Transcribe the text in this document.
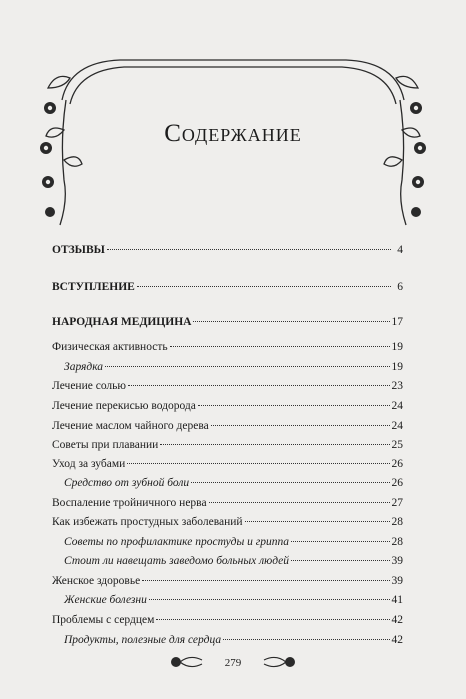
Содержание
ОТЗЫВЫ	4
ВСТУПЛЕНИЕ	6
НАРОДНАЯ МЕДИЦИНА	17
Физическая активность	19
Зарядка	19
Лечение солью	23
Лечение перекисью водорода	24
Лечение маслом чайного дерева	24
Советы при плавании	25
Уход за зубами	26
Средство от зубной боли	26
Воспаление тройничного нерва	27
Как избежать простудных заболеваний	28
Советы по профилактике простуды и гриппа	28
Стоит ли навещать заведомо больных людей	39
Женское здоровье	39
Женские болезни	41
Проблемы с сердцем	42
Продукты, полезные для сердца	42
279
